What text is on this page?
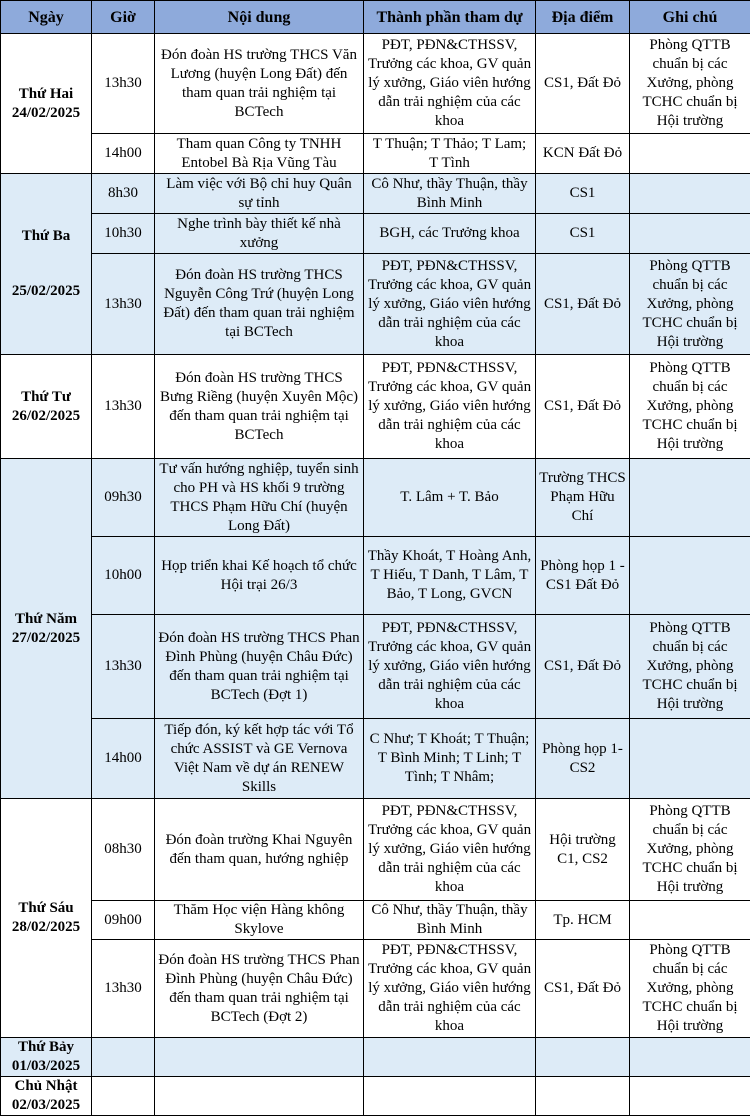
Ngày	Giờ	Nội dung	Thành phần tham dự	Địa điểm	Ghi chú
Thứ Hai
24/02/2025	13h30	Đón đoàn HS trường THCS Văn Lương (huyện Long Đất) đến tham quan trải nghiệm tại BCTech	PĐT, PĐN&CTHSSV, Trưởng các khoa, GV quản lý xưởng, Giáo viên hướng dẫn trải nghiệm của các khoa	CS1, Đất Đỏ	Phòng QTTB chuẩn bị các Xưởng, phòng TCHC chuẩn bị Hội trường
	14h00	Tham quan Công ty TNHH Entobel Bà Rịa Vũng Tàu	T Thuận; T Thảo; T Lam; T Tình	KCN Đất Đỏ	
Thứ Ba
25/02/2025	8h30	Làm việc với Bộ chỉ huy Quân sự tỉnh	Cô Như, thầy Thuận, thầy Bình Minh	CS1	
	10h30	Nghe trình bày thiết kế nhà xưởng	BGH, các Trưởng khoa	CS1	
	13h30	Đón đoàn HS trường THCS Nguyễn Công Trứ (huyện Long Đất) đến tham quan trải nghiệm tại BCTech	PĐT, PĐN&CTHSSV, Trưởng các khoa, GV quản lý xưởng, Giáo viên hướng dẫn trải nghiệm của các khoa	CS1, Đất Đỏ	Phòng QTTB chuẩn bị các Xưởng, phòng TCHC chuẩn bị Hội trường
Thứ Tư
26/02/2025	13h30	Đón đoàn HS trường THCS Bưng Riềng (huyện Xuyên Mộc) đến tham quan trải nghiệm tại BCTech	PĐT, PĐN&CTHSSV, Trưởng các khoa, GV quản lý xưởng, Giáo viên hướng dẫn trải nghiệm của các khoa	CS1, Đất Đỏ	Phòng QTTB chuẩn bị các Xưởng, phòng TCHC chuẩn bị Hội trường
Thứ Năm
27/02/2025	09h30	Tư vấn hướng nghiệp, tuyển sinh cho PH và HS khối 9 trường THCS Phạm Hữu Chí (huyện Long Đất)	T. Lâm + T. Bảo	Trường THCS Phạm Hữu Chí	
	10h00	Họp triển khai Kế hoạch tổ chức Hội trại 26/3	Thầy Khoát, T Hoàng Anh, T Hiếu, T Danh, T Lâm, T Bảo, T Long, GVCN	Phòng họp 1 - CS1 Đất Đỏ	
	13h30	Đón đoàn HS trường THCS Phan Đình Phùng (huyện Châu Đức) đến tham quan trải nghiệm tại BCTech (Đợt 1)	PĐT, PĐN&CTHSSV, Trưởng các khoa, GV quản lý xưởng, Giáo viên hướng dẫn trải nghiệm của các khoa	CS1, Đất Đỏ	Phòng QTTB chuẩn bị các Xưởng, phòng TCHC chuẩn bị Hội trường
	14h00	Tiếp đón, ký kết hợp tác với Tổ chức ASSIST và GE Vernova Việt Nam về dự án RENEW Skills	C Như; T Khoát; T Thuận; T Bình Minh; T Linh; T Tình; T Nhâm;	Phòng họp 1-CS2	
Thứ Sáu
28/02/2025	08h30	Đón đoàn trường Khai Nguyên đến tham quan, hướng nghiệp	PĐT, PĐN&CTHSSV, Trưởng các khoa, GV quản lý xưởng, Giáo viên hướng dẫn trải nghiệm của các khoa	Hội trường C1, CS2	Phòng QTTB chuẩn bị các Xưởng, phòng TCHC chuẩn bị Hội trường
	09h00	Thăm Học viện Hàng không Skylove	Cô Như, thầy Thuận, thầy Bình Minh	Tp. HCM	
	13h30	Đón đoàn HS trường THCS Phan Đình Phùng (huyện Châu Đức) đến tham quan trải nghiệm tại BCTech (Đợt 2)	PĐT, PĐN&CTHSSV, Trưởng các khoa, GV quản lý xưởng, Giáo viên hướng dẫn trải nghiệm của các khoa	CS1, Đất Đỏ	Phòng QTTB chuẩn bị các Xưởng, phòng TCHC chuẩn bị Hội trường
Thứ Bảy
01/03/2025					
Chủ Nhật
02/03/2025					
